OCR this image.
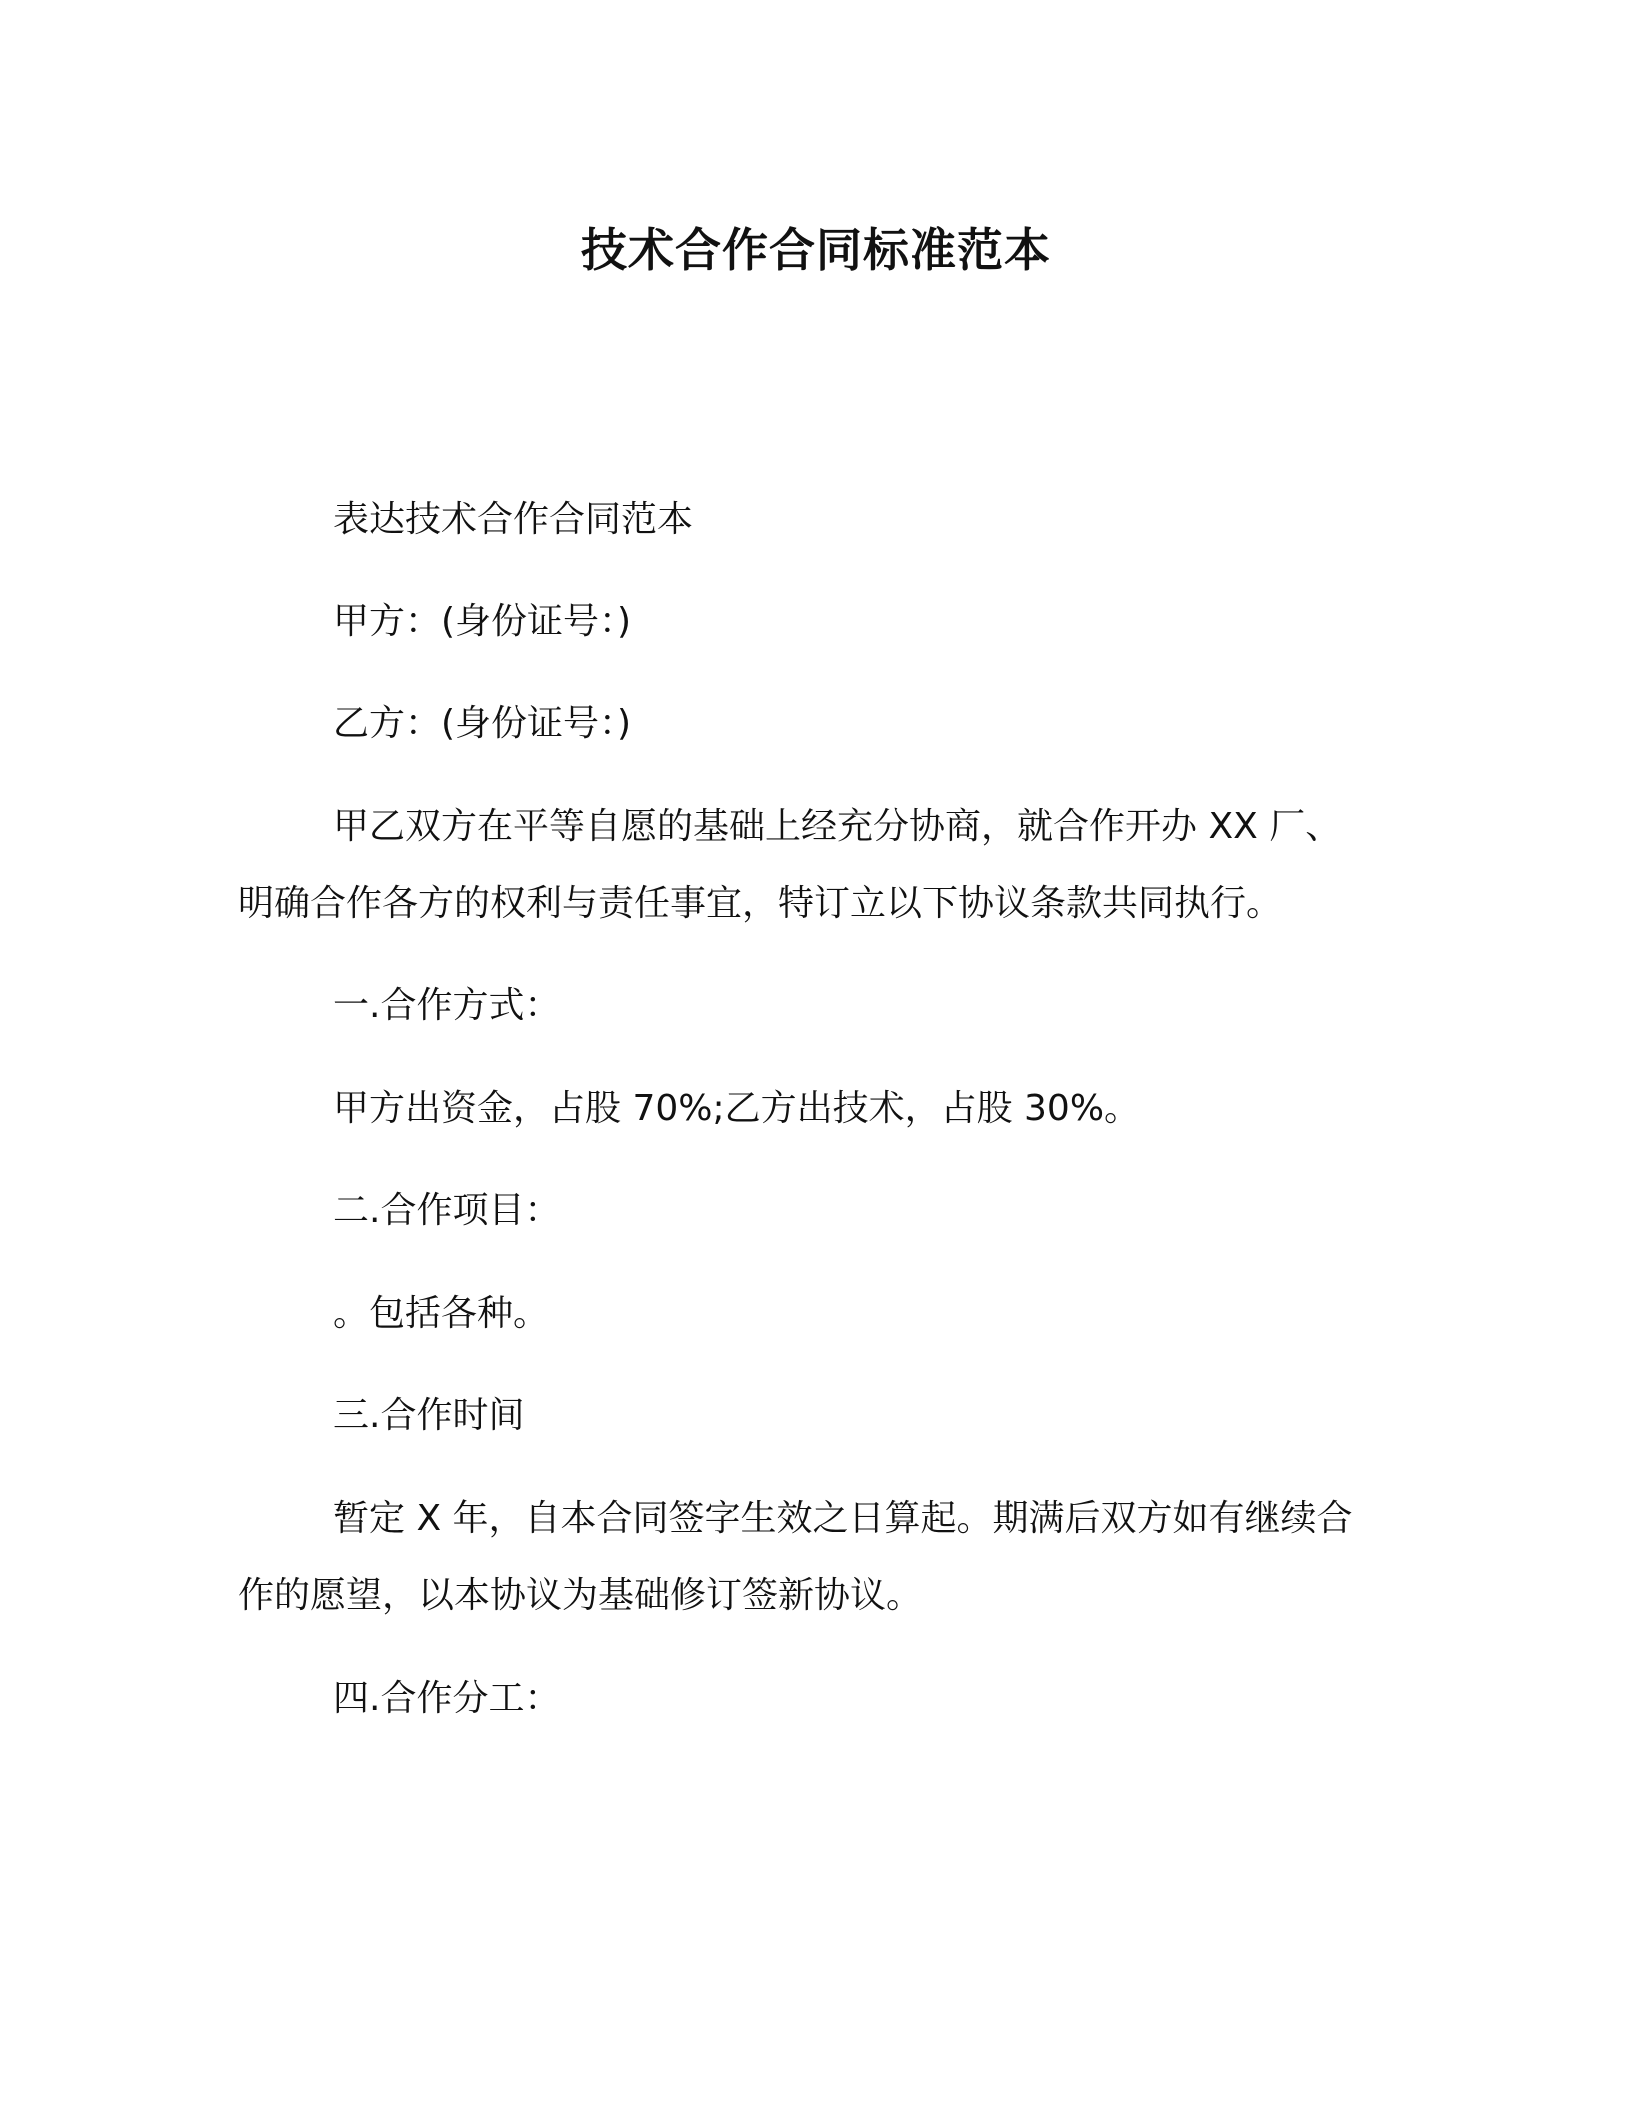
技术合作合同标准范本

表达技术合作合同范本

甲方：(身份证号：)

乙方：(身份证号：)

甲乙双方在平等自愿的基础上经充分协商，就合作开办 XX 厂、

明确合作各方的权利与责任事宜，特订立以下协议条款共同执行。

一.合作方式：

甲方出资金，占股 70%;乙方出技术，占股 30%。

二.合作项目：

。包括各种。

三.合作时间

暂定 X 年，自本合同签字生效之日算起。期满后双方如有继续合

作的愿望，以本协议为基础修订签新协议。

四.合作分工：
